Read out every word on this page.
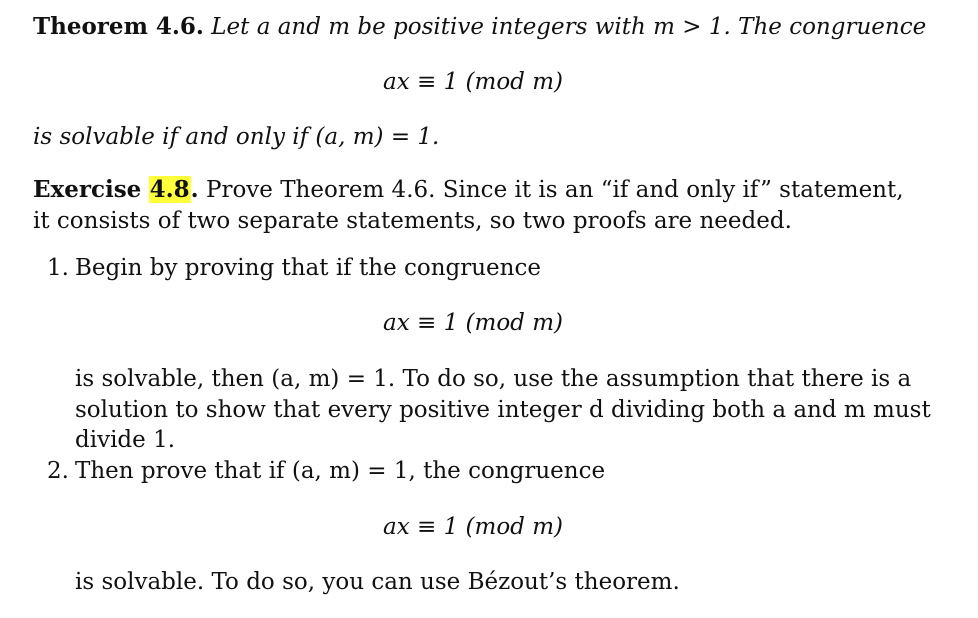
Theorem 4.6. Let a and m be positive integers with m > 1. The congruence
ax ≡ 1 (mod m)
is solvable if and only if (a, m) = 1.
Exercise 4.8. Prove Theorem 4.6. Since it is an “if and only if” statement,
it consists of two separate statements, so two proofs are needed.
1. Begin by proving that if the congruence
ax ≡ 1 (mod m)
is solvable, then (a, m) = 1. To do so, use the assumption that there is a
solution to show that every positive integer d dividing both a and m must
divide 1.
2. Then prove that if (a, m) = 1, the congruence
ax ≡ 1 (mod m)
is solvable. To do so, you can use Bézout’s theorem.
